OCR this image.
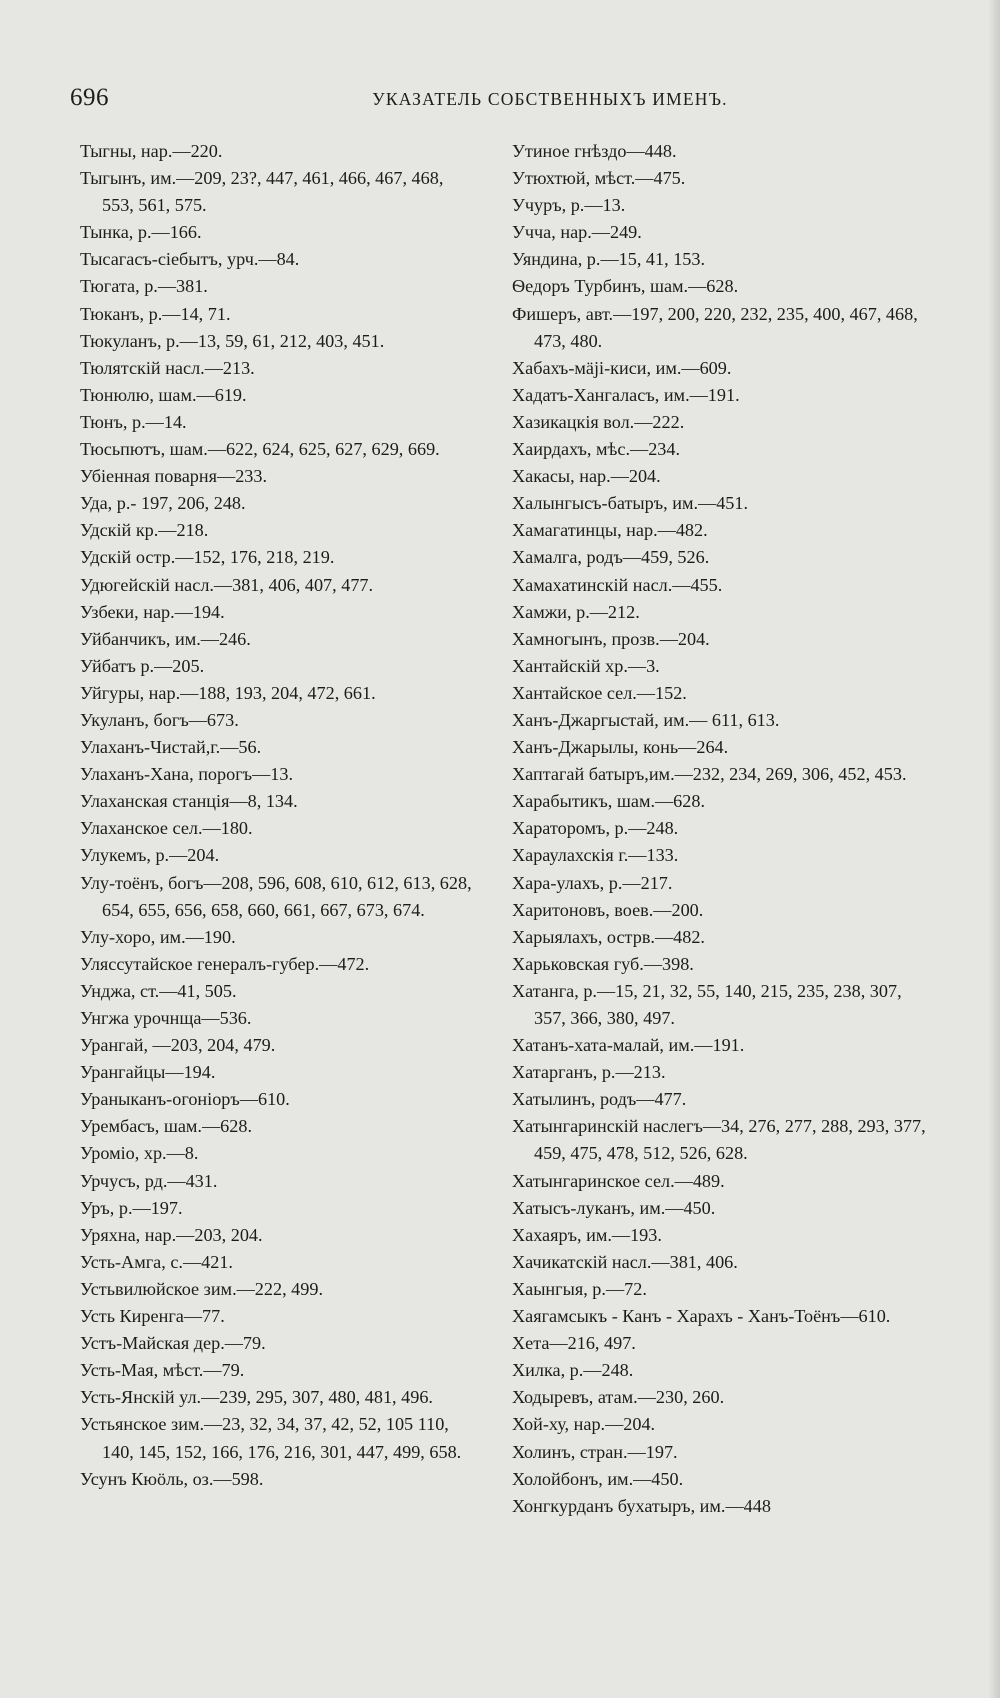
696	УКАЗАТЕЛЬ СОБСТВЕННЫХЪ ИМЕНЪ.
Тыгны, нар.—220.
Тыгынъ, им.—209, 23?, 447, 461, 466, 467, 468, 553, 561, 575.
Тынка, р.—166.
Тысагасъ-сiебытъ, урч.—84.
Тюгата, р.—381.
Тюканъ, р.—14, 71.
Тюкуланъ, р.—13, 59, 61, 212, 403, 451.
Тюлятскiй насл.—213.
Тюнюлю, шам.—619.
Тюнъ, р.—14.
Тюсьпютъ, шам.—622, 624, 625, 627, 629, 669.
Убiенная поварня—233.
Уда, р.- 197, 206, 248.
Удскiй кр.—218.
Удскiй остр.—152, 176, 218, 219.
Удюгейскiй насл.—381, 406, 407, 477.
Узбеки, нар.—194.
Уйбанчикъ, им.—246.
Уйбатъ р.—205.
Уйгуры, нар.—188, 193, 204, 472, 661.
Укуланъ, богъ—673.
Улаханъ-Чистай,г.—56.
Улаханъ-Хана, порогъ—13.
Улаханская станцiя—8, 134.
Улаханское сел.—180.
Улукемъ, р.—204.
Улу-тоёнъ, богъ—208, 596, 608, 610, 612, 613, 628, 654, 655, 656, 658, 660, 661, 667, 673, 674.
Улу-хоро, им.—190.
Уляссутайское генералъ-губер.—472.
Унджа, ст.—41, 505.
Унгжа урочнща—536.
Урангай, —203, 204, 479.
Урангайцы—194.
Ураныканъ-огонiоръ—610.
Урембасъ, шам.—628.
Уромiо, хр.—8.
Урчусъ, рд.—431.
Уръ, р.—197.
Уряхна, нар.—203, 204.
Усть-Амга, с.—421.
Устьвилюйское зим.—222, 499.
Усть Киренга—77.
Устъ-Майская дер.—79.
Усть-Мая, мѣст.—79.
Усть-Янскiй ул.—239, 295, 307, 480, 481, 496.
Устьянское зим.—23, 32, 34, 37, 42, 52, 105 110, 140, 145, 152, 166, 176, 216, 301, 447, 499, 658.
Усунъ Кюöль, оз.—598.
Утиное гнѣздо—448.
Утюхтюй, мѣст.—475.
Учуръ, р.—13.
Учча, нар.—249.
Уяндина, р.—15, 41, 153.
Ѳедоръ Турбинъ, шам.—628.
Фишеръ, авт.—197, 200, 220, 232, 235, 400, 467, 468, 473, 480.
Хабахъ-мäjі-киси, им.—609.
Хадатъ-Хангаласъ, им.—191.
Хазикацкiя вол.—222.
Хаирдахъ, мѣс.—234.
Хакасы, нар.—204.
Халынгысъ-батыръ, им.—451.
Хамагатинцы, нар.—482.
Хамалга, родъ—459, 526.
Хамахатинскiй насл.—455.
Хамжи, р.—212.
Хамногынъ, прозв.—204.
Хантайскiй хр.—3.
Хантайское сел.—152.
Ханъ-Джаргыстай, им.— 611, 613.
Ханъ-Джарылы, конь—264.
Хаптагай батыръ,им.—232, 234, 269, 306, 452, 453.
Харабытикъ, шам.—628.
Хараторомъ, р.—248.
Хараулахскiя г.—133.
Хара-улахъ, р.—217.
Харитоновъ, воев.—200.
Харыялахъ, острв.—482.
Харьковская губ.—398.
Хатанга, р.—15, 21, 32, 55, 140, 215, 235, 238, 307, 357, 366, 380, 497.
Хатанъ-хата-малай, им.—191.
Хатарганъ, р.—213.
Хатылинъ, родъ—477.
Хатынгаринскiй наслегъ—34, 276, 277, 288, 293, 377, 459, 475, 478, 512, 526, 628.
Хатынгаринское сел.—489.
Хатысъ-луканъ, им.—450.
Хахаяръ, им.—193.
Хачикатскiй насл.—381, 406.
Хаынгыя, р.—72.
Хаягамсыкъ - Канъ - Харахъ - Ханъ-Тоёнъ—610.
Хета—216, 497.
Хилка, р.—248.
Ходыревъ, атам.—230, 260.
Хой-ху, нар.—204.
Холинъ, стран.—197.
Холойбонъ, им.—450.
Хонгкурданъ бухатыръ, им.—448
